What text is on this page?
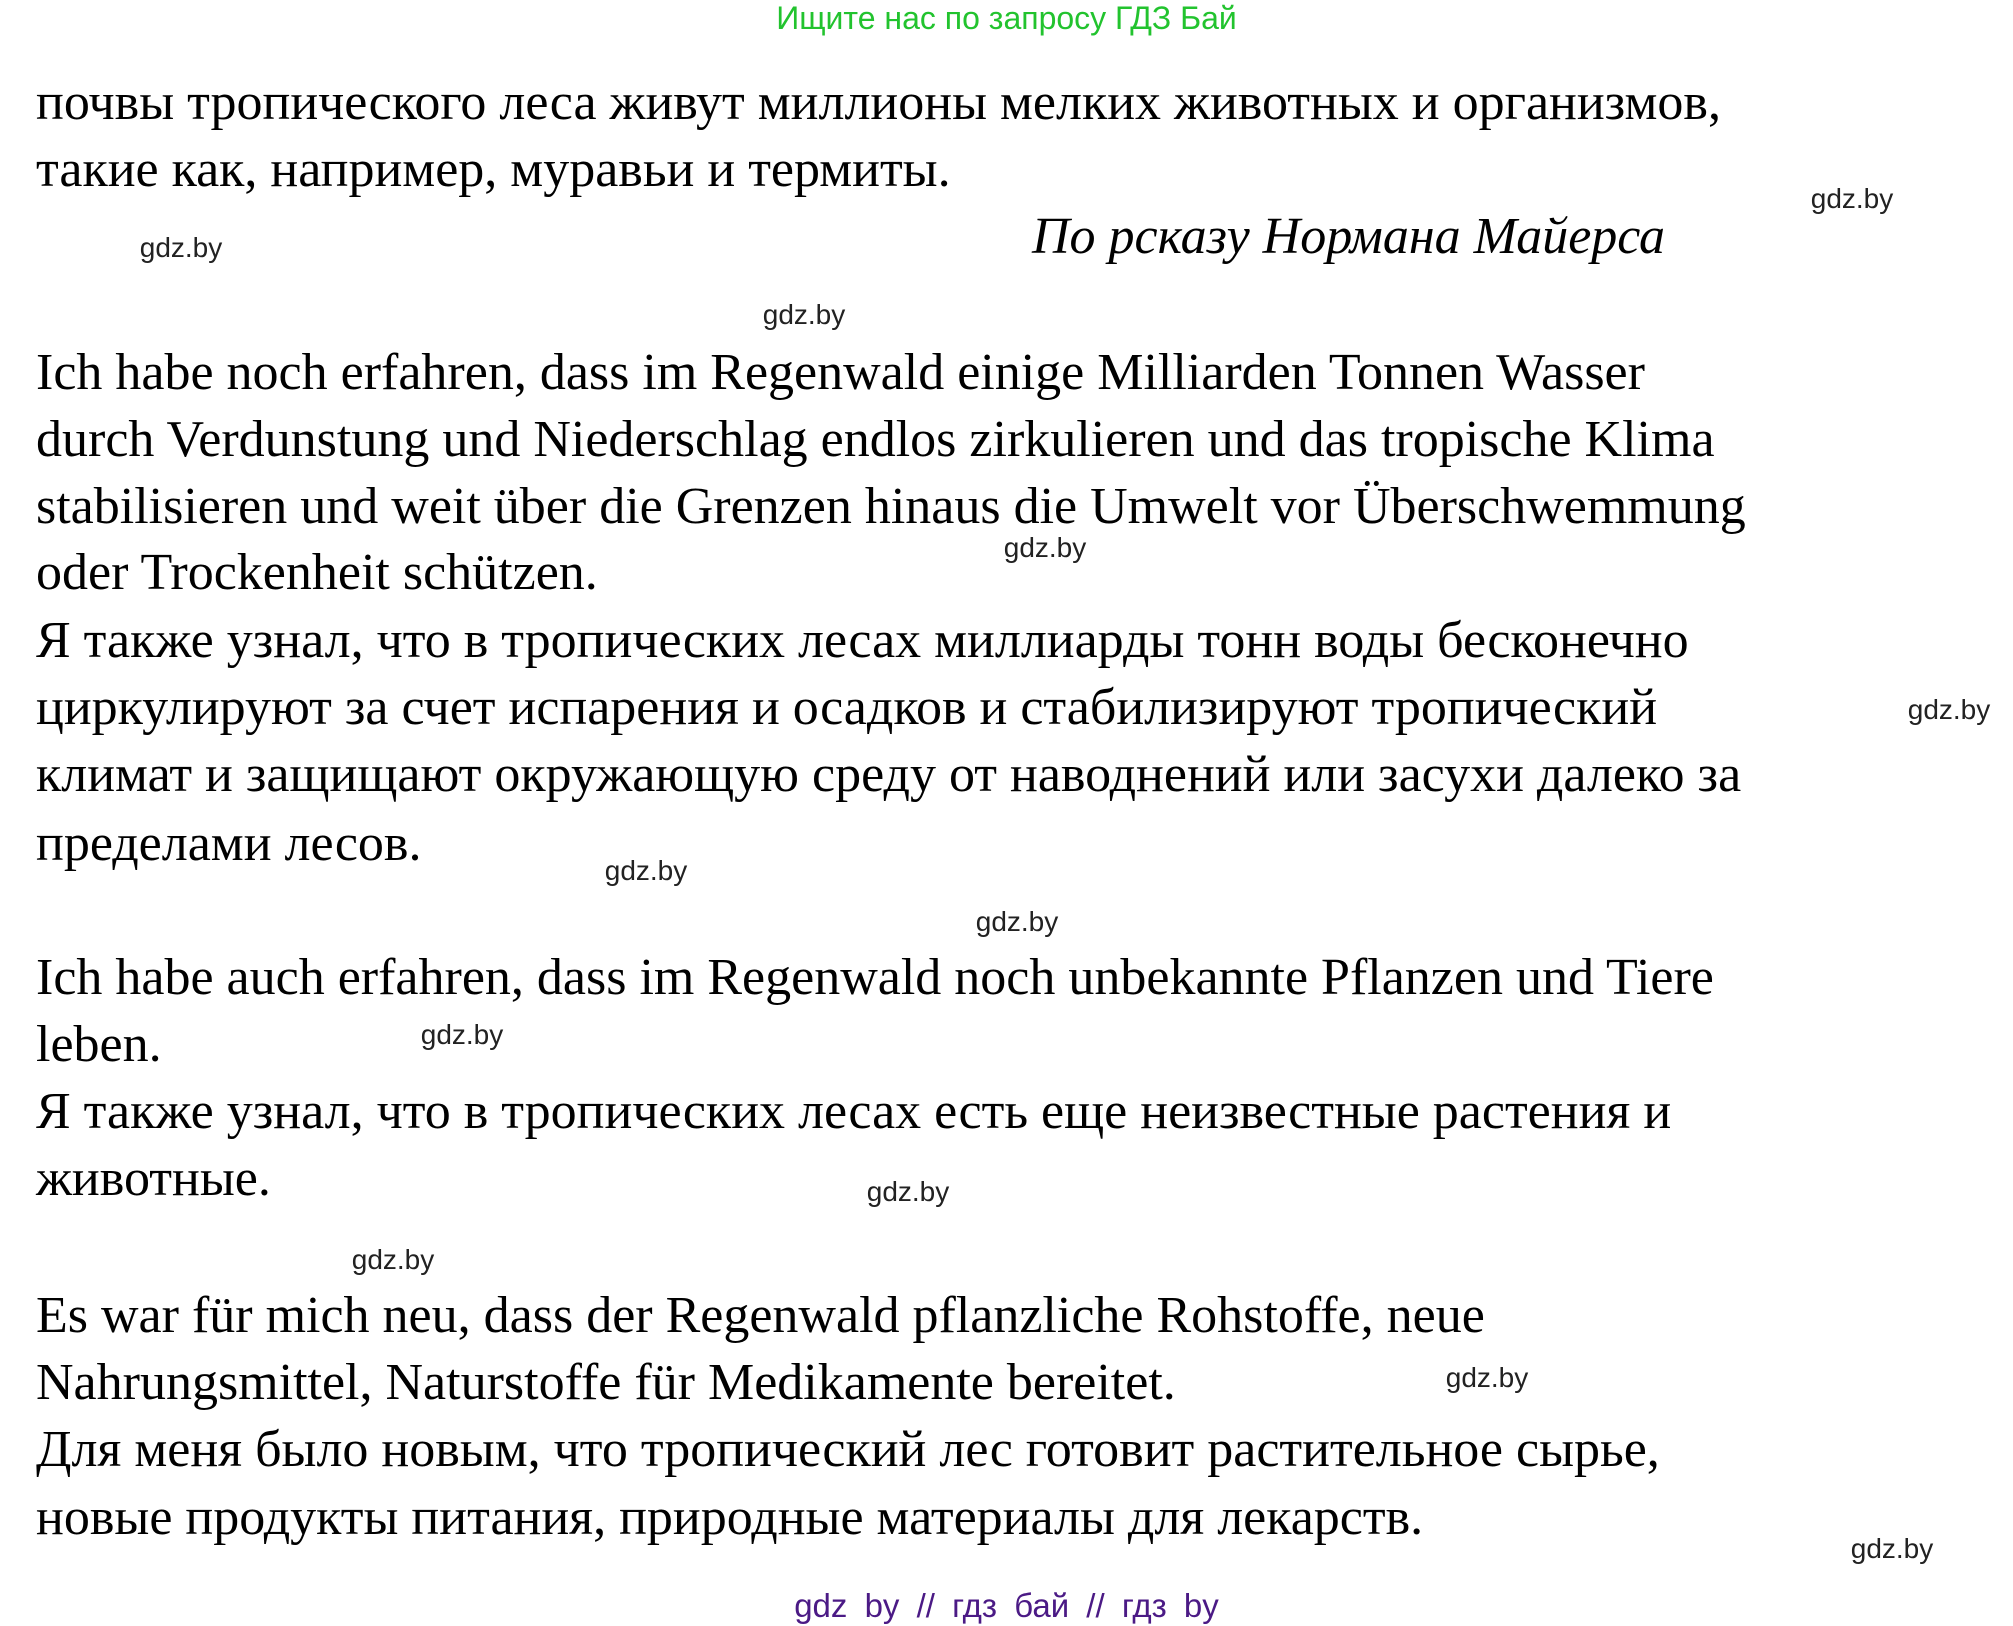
Ищите нас по запросу ГДЗ Бай
почвы тропического леса живут миллионы мелких животных и организмов,
такие как, например, муравьи и термиты.
По рсказу Нормана Майерса
Ich habe noch erfahren, dass im Regenwald einige Milliarden Tonnen Wasser
durch Verdunstung und Niederschlag endlos zirkulieren und das tropische Klima
stabilisieren und weit über die Grenzen hinaus die Umwelt vor Überschwemmung
oder Trockenheit schützen.
Я также узнал, что в тропических лесах миллиарды тонн воды бесконечно
циркулируют за счет испарения и осадков и стабилизируют тропический
климат и защищают окружающую среду от наводнений или засухи далеко за
пределами лесов.
Ich habe auch erfahren, dass im Regenwald noch unbekannte Pflanzen und Tiere
leben.
Я также узнал, что в тропических лесах есть еще неизвестные растения и
животные.
Es war für mich neu, dass der Regenwald pflanzliche Rohstoffe, neue
Nahrungsmittel, Naturstoffe für Medikamente bereitet.
Для меня было новым, что тропический лес готовит растительное сырье,
новые продукты питания, природные материалы для лекарств.
gdz.by
gdz.by
gdz.by
gdz.by
gdz.by
gdz.by
gdz.by
gdz.by
gdz.by
gdz.by
gdz.by
gdz.by
gdz by // гдз бай // гдз by
